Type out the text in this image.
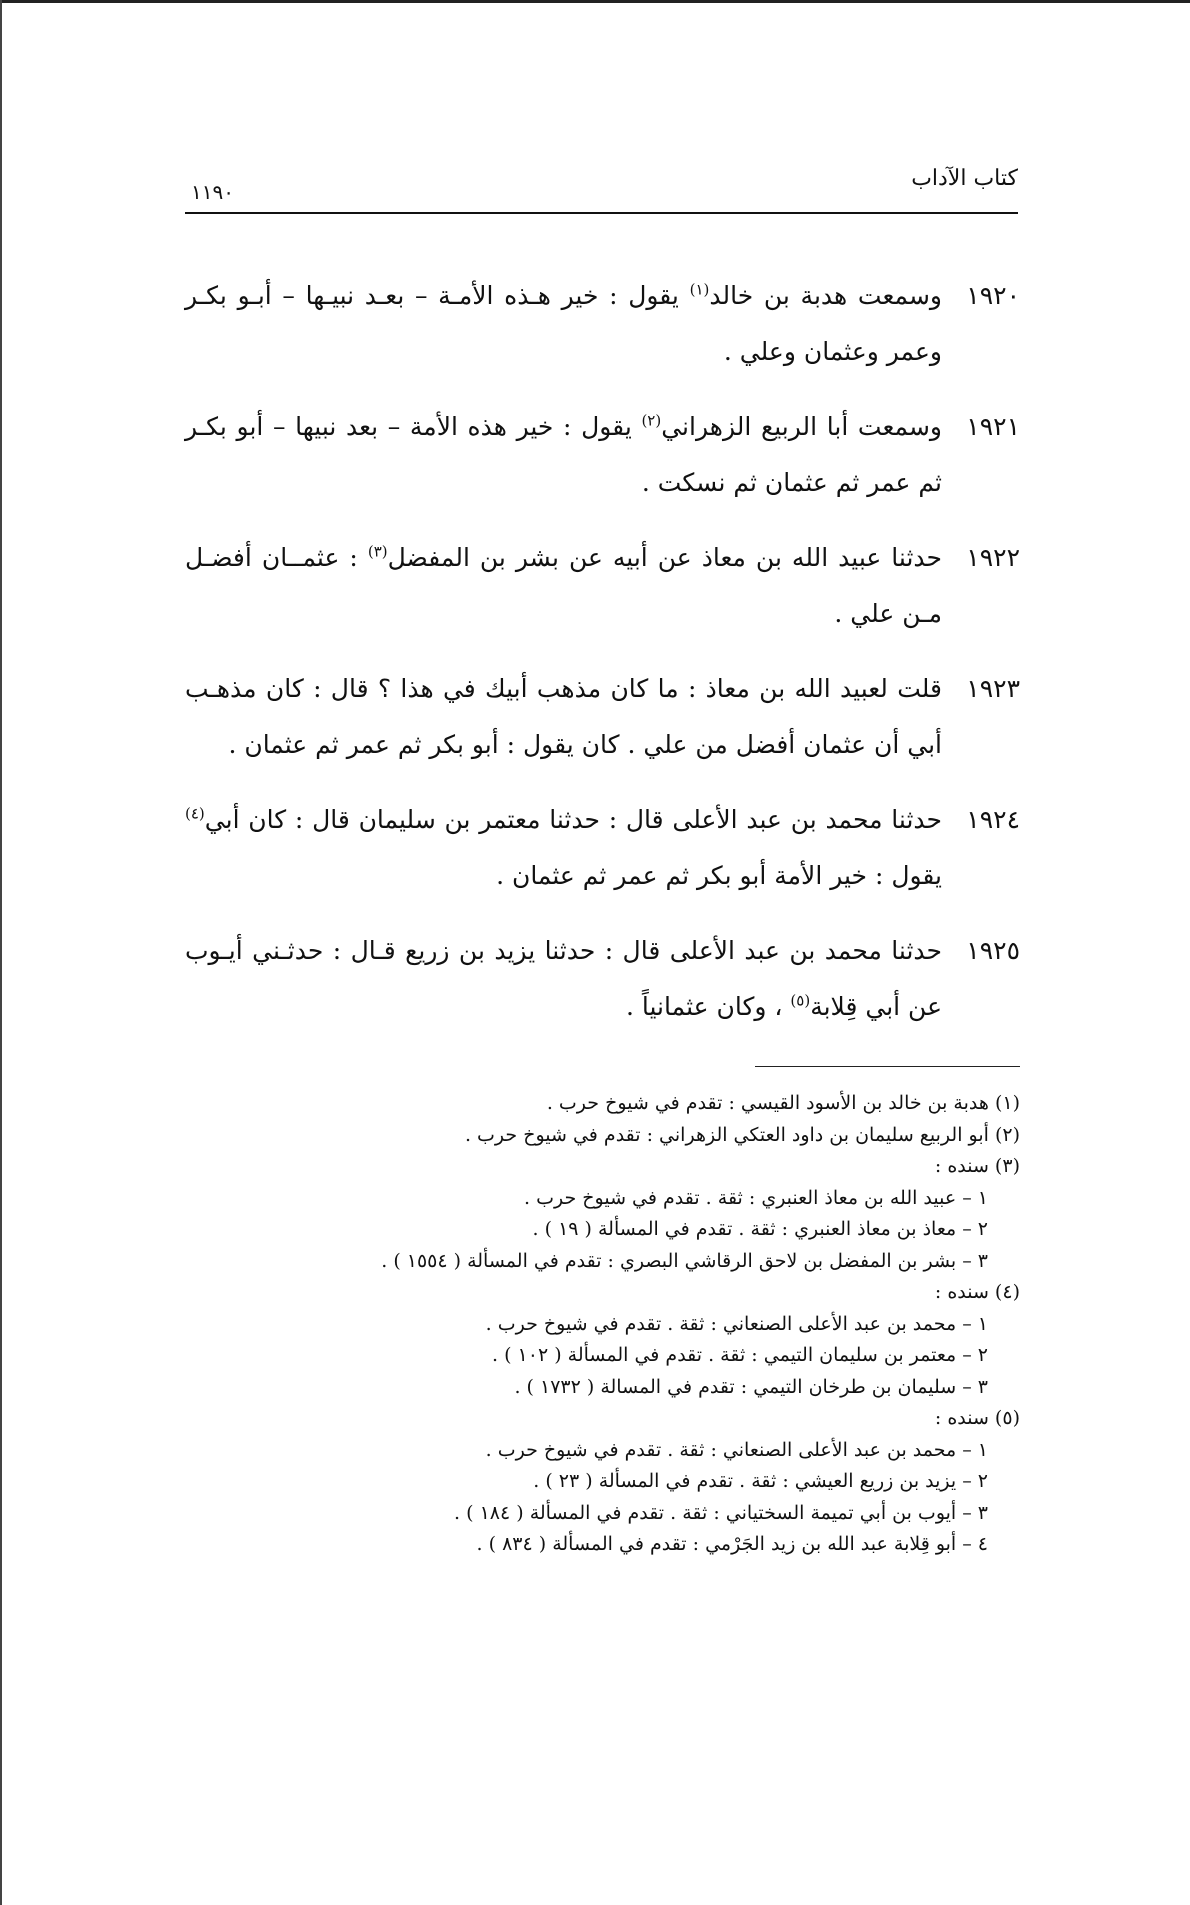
كتاب الآداب
١١٩٠
١٩٢٠
وسمعت هدبة بن خالد$^{(١)}$ يقول : خير هـذه الأمـة – بعـد نبيـها – أبـو بكـر وعمر وعثمان وعلي .
١٩٢١
وسمعت أبا الربيع الزهراني$^{(٢)}$ يقول : خير هذه الأمة – بعد نبيها – أبو بكـر ثم عمر ثم عثمان ثم نسكت .
١٩٢٢
حدثنا عبيد الله بن معاذ عن أبيه عن بشر بن المفضل$^{(٣)}$ : عثمــان أفضـل مـن علي .
١٩٢٣
قلت لعبيد الله بن معاذ : ما كان مذهب أبيك في هذا ؟ قال : كان مذهـب أبي أن عثمان أفضل من علي . كان يقول : أبو بكر ثم عمر ثم عثمان .
١٩٢٤
حدثنا محمد بن عبد الأعلى قال : حدثنا معتمر بن سليمان قال : كان أبي$^{(٤)}$ يقول : خير الأمة أبو بكر ثم عمر ثم عثمان .
١٩٢٥
حدثنا محمد بن عبد الأعلى قال : حدثنا يزيد بن زريع قـال : حدثـني أيـوب عن أبي قِلابة$^{(٥)}$ ، وكان عثمانياً .
(١) هدبة بن خالد بن الأسود القيسي : تقدم في شيوخ حرب .
(٢) أبو الربيع سليمان بن داود العتكي الزهراني : تقدم في شيوخ حرب .
(٣) سنده :
١ – عبيد الله بن معاذ العنبري : ثقة . تقدم في شيوخ حرب .
٢ – معاذ بن معاذ العنبري : ثقة . تقدم في المسألة ( ١٩ ) .
٣ – بشر بن المفضل بن لاحق الرقاشي البصري : تقدم في المسألة ( ١٥٥٤ ) .
(٤) سنده :
١ – محمد بن عبد الأعلى الصنعاني : ثقة . تقدم في شيوخ حرب .
٢ – معتمر بن سليمان التيمي : ثقة . تقدم في المسألة ( ١٠٢ ) .
٣ – سليمان بن طرخان التيمي : تقدم في المسالة ( ١٧٣٢ ) .
(٥) سنده :
١ – محمد بن عبد الأعلى الصنعاني : ثقة . تقدم في شيوخ حرب .
٢ – يزيد بن زريع العيشي : ثقة . تقدم في المسألة ( ٢٣ ) .
٣ – أيوب بن أبي تميمة السختياني : ثقة . تقدم في المسألة ( ١٨٤ ) .
٤ – أبو قِلابة عبد الله بن زيد الجَرْمي : تقدم في المسألة ( ٨٣٤ ) .
